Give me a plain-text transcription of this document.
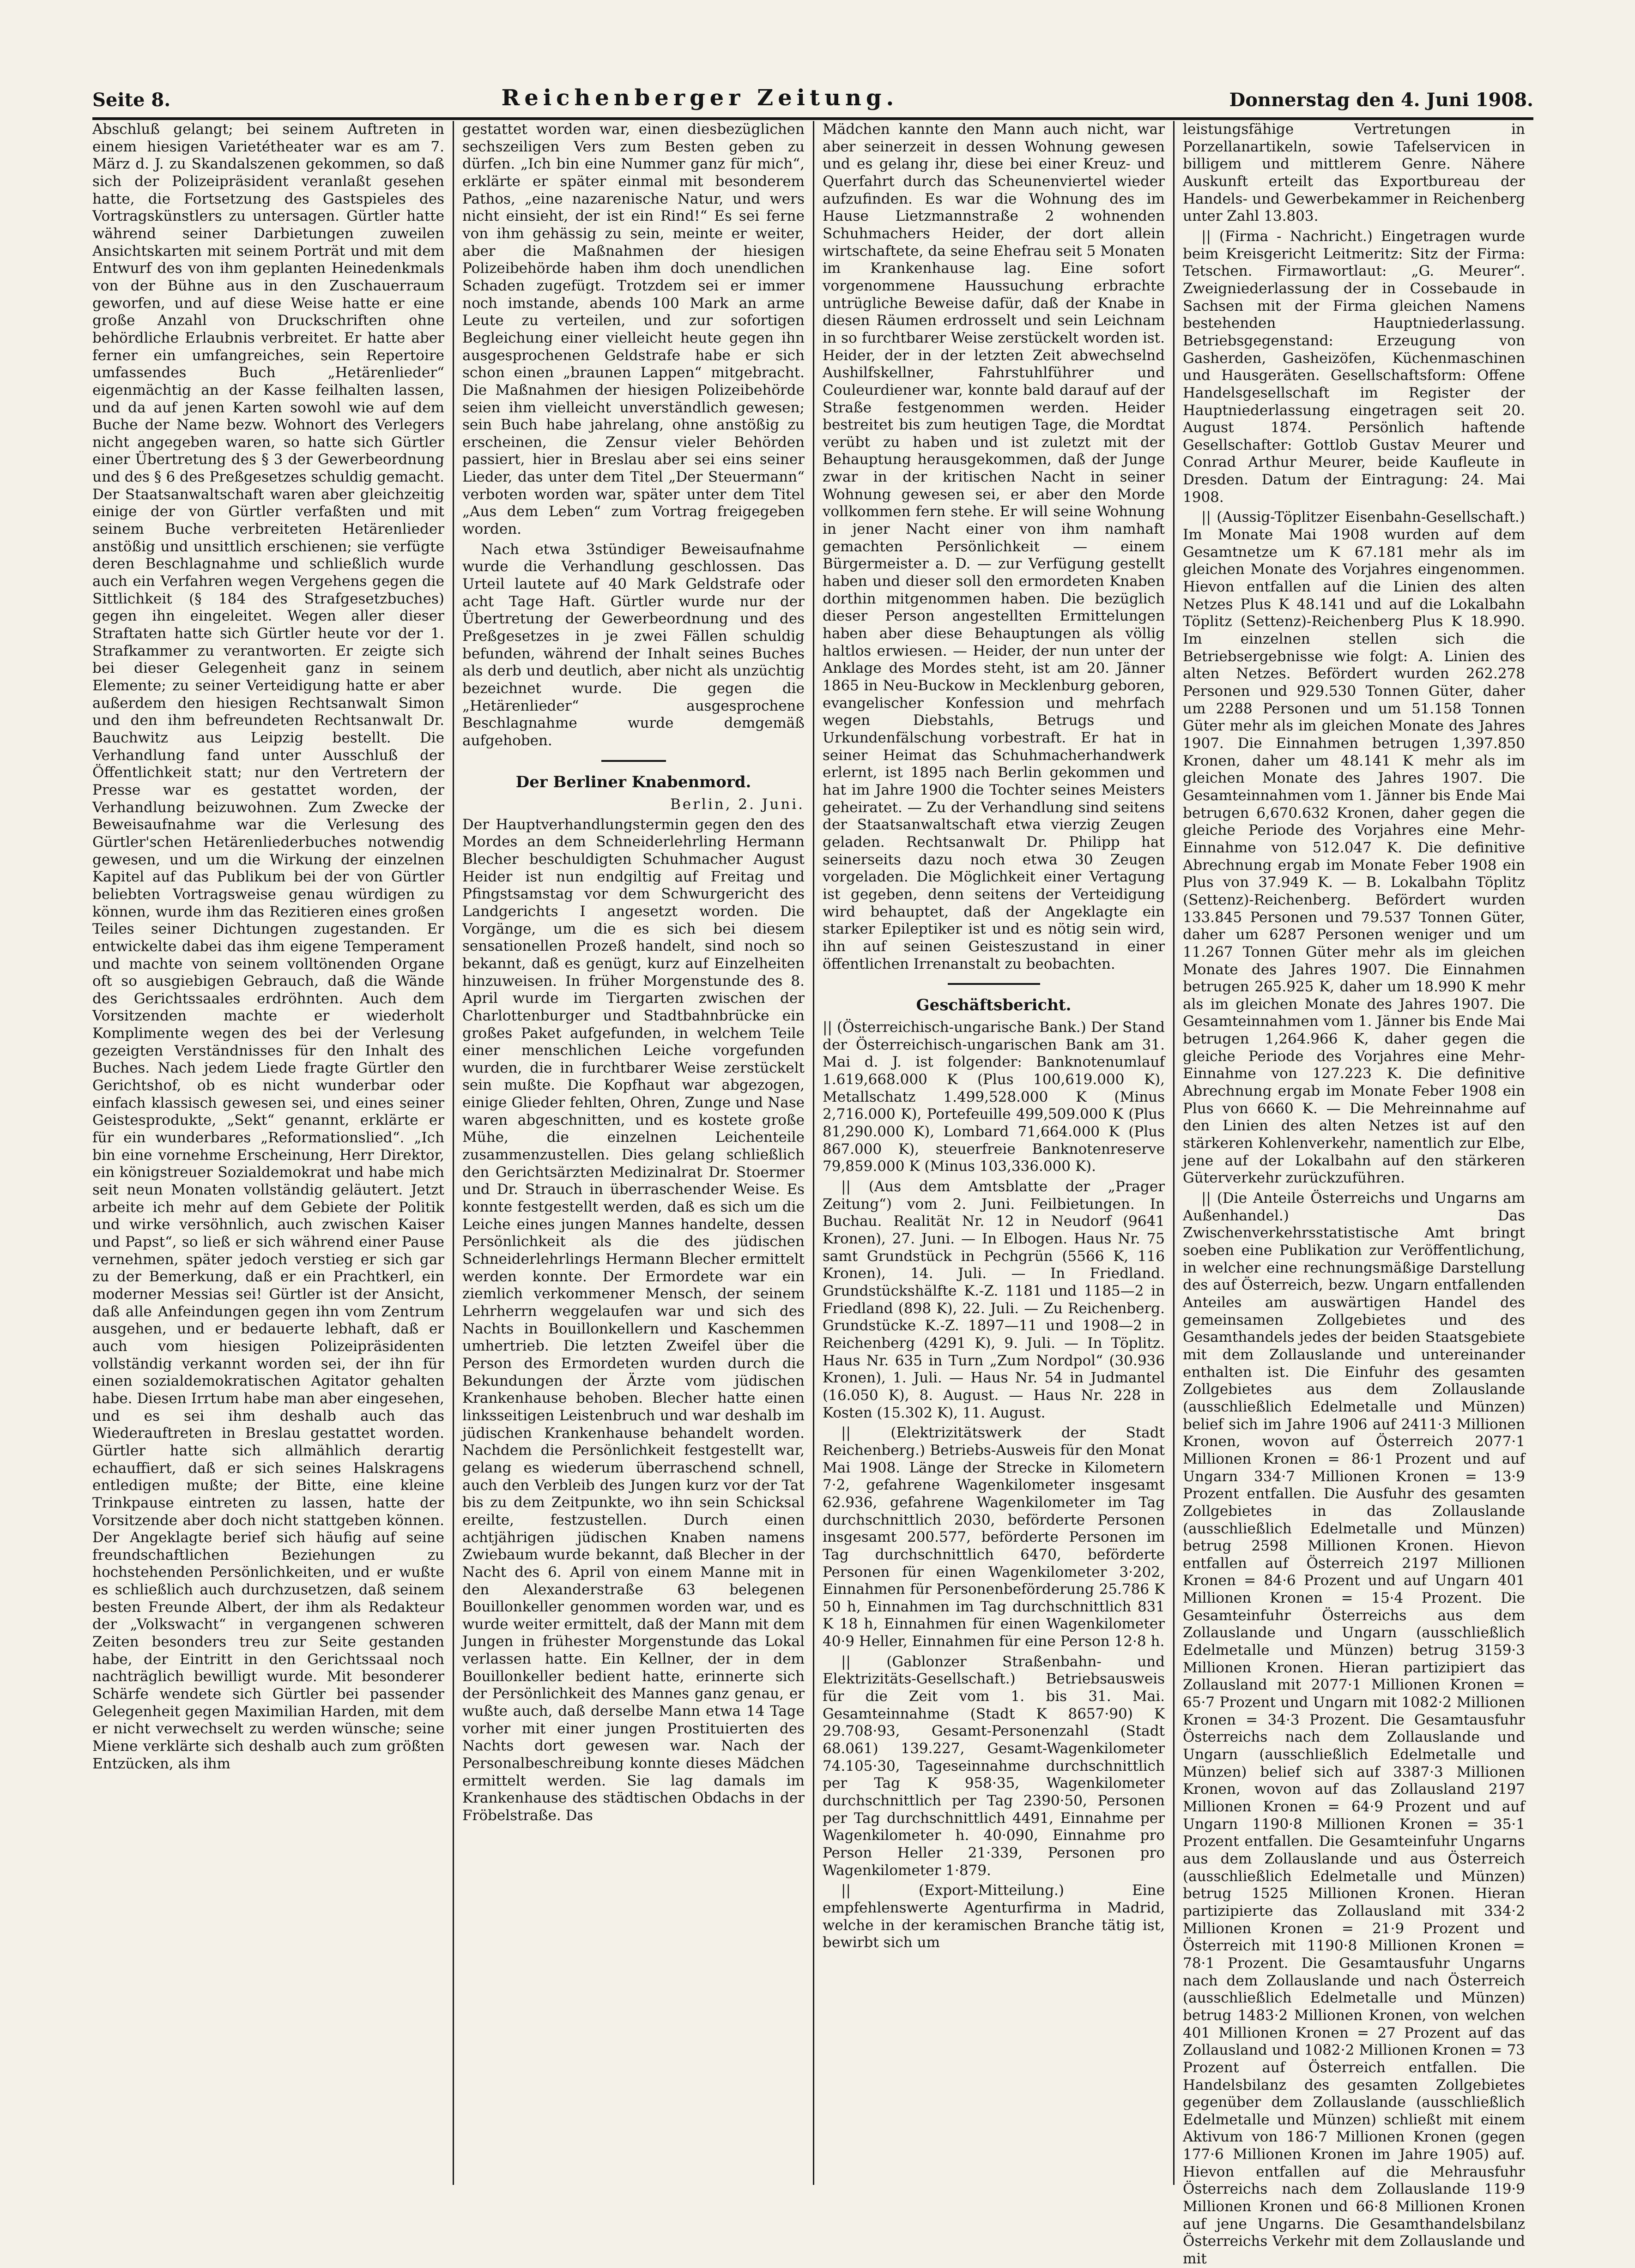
Seite 8.	Reichenberger Zeitung.	Donnerstag den 4. Juni 1908.

Abschluß gelangt; bei seinem Auftreten in einem hiesigen Varietétheater war es am 7. März d. J. zu Skandalszenen gekommen, so daß sich der Polizeipräsident veranlaßt gesehen hatte, die Fortsetzung des Gastspieles des Vortragskünstlers zu untersagen. Gürtler hatte während seiner Darbietungen zuweilen Ansichtskarten mit seinem Porträt und mit dem Entwurf des von ihm geplanten Heinedenkmals von der Bühne aus in den Zuschauerraum geworfen, und auf diese Weise hatte er eine große Anzahl von Druckschriften ohne behördliche Erlaubnis verbreitet. Er hatte aber ferner ein umfangreiches, sein Repertoire umfassendes Buch „Hetärenlieder“ eigenmächtig an der Kasse feilhalten lassen, und da auf jenen Karten sowohl wie auf dem Buche der Name bezw. Wohnort des Verlegers nicht angegeben waren, so hatte sich Gürtler einer Übertretung des § 3 der Gewerbeordnung und des § 6 des Preßgesetzes schuldig gemacht. Der Staatsanwaltschaft waren aber gleichzeitig einige der von Gürtler verfaßten und mit seinem Buche verbreiteten Hetärenlieder anstößig und unsittlich erschienen; sie verfügte deren Beschlagnahme und schließlich wurde auch ein Verfahren wegen Vergehens gegen die Sittlichkeit (§ 184 des Strafgesetzbuches) gegen ihn eingeleitet. Wegen aller dieser Straftaten hatte sich Gürtler heute vor der 1. Strafkammer zu verantworten. Er zeigte sich bei dieser Gelegenheit ganz in seinem Elemente; zu seiner Verteidigung hatte er aber außerdem den hiesigen Rechtsanwalt Simon und den ihm befreundeten Rechtsanwalt Dr. Bauchwitz aus Leipzig bestellt. Die Verhandlung fand unter Ausschluß der Öffentlichkeit statt; nur den Vertretern der Presse war es gestattet worden, der Verhandlung beizuwohnen. Zum Zwecke der Beweisaufnahme war die Verlesung des Gürtler'schen Hetärenliederbuches notwendig gewesen, und um die Wirkung der einzelnen Kapitel auf das Publikum bei der von Gürtler beliebten Vortragsweise genau würdigen zu können, wurde ihm das Rezitieren eines großen Teiles seiner Dichtungen zugestanden. Er entwickelte dabei das ihm eigene Temperament und machte von seinem volltönenden Organe oft so ausgiebigen Gebrauch, daß die Wände des Gerichtssaales erdröhnten. Auch dem Vorsitzenden machte er wiederholt Komplimente wegen des bei der Verlesung gezeigten Verständnisses für den Inhalt des Buches. Nach jedem Liede fragte Gürtler den Gerichtshof, ob es nicht wunderbar oder einfach klassisch gewesen sei, und eines seiner Geistesprodukte, „Sekt“ genannt, erklärte er für ein wunderbares „Reformationslied“. „Ich bin eine vornehme Erscheinung, Herr Direktor, ein königstreuer Sozialdemokrat und habe mich seit neun Monaten vollständig geläutert. Jetzt arbeite ich mehr auf dem Gebiete der Politik und wirke versöhnlich, auch zwischen Kaiser und Papst“, so ließ er sich während einer Pause vernehmen, später jedoch verstieg er sich gar zu der Bemerkung, daß er ein Prachtkerl, ein moderner Messias sei! Gürtler ist der Ansicht, daß alle Anfeindungen gegen ihn vom Zentrum ausgehen, und er bedauerte lebhaft, daß er auch vom hiesigen Polizeipräsidenten vollständig verkannt worden sei, der ihn für einen sozialdemokratischen Agitator gehalten habe. Diesen Irrtum habe man aber eingesehen, und es sei ihm deshalb auch das Wiederauftreten in Breslau gestattet worden. Gürtler hatte sich allmählich derartig echauffiert, daß er sich seines Halskragens entledigen mußte; der Bitte, eine kleine Trinkpause eintreten zu lassen, hatte der Vorsitzende aber doch nicht stattgeben können. Der Angeklagte berief sich häufig auf seine freundschaftlichen Beziehungen zu hochstehenden Persönlichkeiten, und er wußte es schließlich auch durchzusetzen, daß seinem besten Freunde Albert, der ihm als Redakteur der „Volkswacht“ in vergangenen schweren Zeiten besonders treu zur Seite gestanden habe, der Eintritt in den Gerichtssaal noch nachträglich bewilligt wurde. Mit besonderer Schärfe wendete sich Gürtler bei passender Gelegenheit gegen Maximilian Harden, mit dem er nicht verwechselt zu werden wünsche; seine Miene verklärte sich deshalb auch zum größten Entzücken, als ihm

gestattet worden war, einen diesbezüglichen sechszeiligen Vers zum Besten geben zu dürfen. „Ich bin eine Nummer ganz für mich“, erklärte er später einmal mit besonderem Pathos, „eine nazarenische Natur, und wers nicht einsieht, der ist ein Rind!“ Es sei ferne von ihm gehässig zu sein, meinte er weiter, aber die Maßnahmen der hiesigen Polizeibehörde haben ihm doch unendlichen Schaden zugefügt. Trotzdem sei er immer noch imstande, abends 100 Mark an arme Leute zu verteilen, und zur sofortigen Begleichung einer vielleicht heute gegen ihn ausgesprochenen Geldstrafe habe er sich schon einen „braunen Lappen“ mitgebracht. Die Maßnahmen der hiesigen Polizeibehörde seien ihm vielleicht unverständlich gewesen; sein Buch habe jahrelang, ohne anstößig zu erscheinen, die Zensur vieler Behörden passiert, hier in Breslau aber sei eins seiner Lieder, das unter dem Titel „Der Steuermann“ verboten worden war, später unter dem Titel „Aus dem Leben“ zum Vortrag freigegeben worden.

Nach etwa 3stündiger Beweisaufnahme wurde die Verhandlung geschlossen. Das Urteil lautete auf 40 Mark Geldstrafe oder acht Tage Haft. Gürtler wurde nur der Übertretung der Gewerbeordnung und des Preßgesetzes in je zwei Fällen schuldig befunden, während der Inhalt seines Buches als derb und deutlich, aber nicht als unzüchtig bezeichnet wurde. Die gegen die „Hetärenlieder“ ausgesprochene Beschlagnahme wurde demgemäß aufgehoben.

Der Berliner Knabenmord.
Berlin, 2. Juni.

Der Hauptverhandlungstermin gegen den des Mordes an dem Schneiderlehrling Hermann Blecher beschuldigten Schuhmacher August Heider ist nun endgiltig auf Freitag und Pfingstsamstag vor dem Schwurgericht des Landgerichts I angesetzt worden. Die Vorgänge, um die es sich bei diesem sensationellen Prozeß handelt, sind noch so bekannt, daß es genügt, kurz auf Einzelheiten hinzuweisen. In früher Morgenstunde des 8. April wurde im Tiergarten zwischen der Charlottenburger und Stadtbahnbrücke ein großes Paket aufgefunden, in welchem Teile einer menschlichen Leiche vorgefunden wurden, die in furchtbarer Weise zerstückelt sein mußte. Die Kopfhaut war abgezogen, einige Glieder fehlten, Ohren, Zunge und Nase waren abgeschnitten, und es kostete große Mühe, die einzelnen Leichenteile zusammenzustellen. Dies gelang schließlich den Gerichtsärzten Medizinalrat Dr. Stoermer und Dr. Strauch in überraschender Weise. Es konnte festgestellt werden, daß es sich um die Leiche eines jungen Mannes handelte, dessen Persönlichkeit als die des jüdischen Schneiderlehrlings Hermann Blecher ermittelt werden konnte. Der Ermordete war ein ziemlich verkommener Mensch, der seinem Lehrherrn weggelaufen war und sich des Nachts in Bouillonkellern und Kaschemmen umhertrieb. Die letzten Zweifel über die Person des Ermordeten wurden durch die Bekundungen der Ärzte vom jüdischen Krankenhause behoben. Blecher hatte einen linksseitigen Leistenbruch und war deshalb im jüdischen Krankenhause behandelt worden. Nachdem die Persönlichkeit festgestellt war, gelang es wiederum überraschend schnell, auch den Verbleib des Jungen kurz vor der Tat bis zu dem Zeitpunkte, wo ihn sein Schicksal ereilte, festzustellen. Durch einen achtjährigen jüdischen Knaben namens Zwiebaum wurde bekannt, daß Blecher in der Nacht des 6. April von einem Manne mit in den Alexanderstraße 63 belegenen Bouillonkeller genommen worden war, und es wurde weiter ermittelt, daß der Mann mit dem Jungen in frühester Morgenstunde das Lokal verlassen hatte. Ein Kellner, der in dem Bouillonkeller bedient hatte, erinnerte sich der Persönlichkeit des Mannes ganz genau, er wußte auch, daß derselbe Mann etwa 14 Tage vorher mit einer jungen Prostituierten des Nachts dort gewesen war. Nach der Personalbeschreibung konnte dieses Mädchen ermittelt werden. Sie lag damals im Krankenhause des städtischen Obdachs in der Fröbelstraße. Das

Mädchen kannte den Mann auch nicht, war aber seinerzeit in dessen Wohnung gewesen und es gelang ihr, diese bei einer Kreuz- und Querfahrt durch das Scheunenviertel wieder aufzufinden. Es war die Wohnung des im Hause Lietzmannstraße 2 wohnenden Schuhmachers Heider, der dort allein wirtschaftete, da seine Ehefrau seit 5 Monaten im Krankenhause lag. Eine sofort vorgenommene Haussuchung erbrachte untrügliche Beweise dafür, daß der Knabe in diesen Räumen erdrosselt und sein Leichnam in so furchtbarer Weise zerstückelt worden ist. Heider, der in der letzten Zeit abwechselnd Aushilfskellner, Fahrstuhlführer und Couleurdiener war, konnte bald darauf auf der Straße festgenommen werden. Heider bestreitet bis zum heutigen Tage, die Mordtat verübt zu haben und ist zuletzt mit der Behauptung herausgekommen, daß der Junge zwar in der kritischen Nacht in seiner Wohnung gewesen sei, er aber den Morde vollkommen fern stehe. Er will seine Wohnung in jener Nacht einer von ihm namhaft gemachten Persönlichkeit — einem Bürgermeister a. D. — zur Verfügung gestellt haben und dieser soll den ermordeten Knaben dorthin mitgenommen haben. Die bezüglich dieser Person angestellten Ermittelungen haben aber diese Behauptungen als völlig haltlos erwiesen. — Heider, der nun unter der Anklage des Mordes steht, ist am 20. Jänner 1865 in Neu-Buckow in Mecklenburg geboren, evangelischer Konfession und mehrfach wegen Diebstahls, Betrugs und Urkundenfälschung vorbestraft. Er hat in seiner Heimat das Schuhmacherhandwerk erlernt, ist 1895 nach Berlin gekommen und hat im Jahre 1900 die Tochter seines Meisters geheiratet. — Zu der Verhandlung sind seitens der Staatsanwaltschaft etwa vierzig Zeugen geladen. Rechtsanwalt Dr. Philipp hat seinerseits dazu noch etwa 30 Zeugen vorgeladen. Die Möglichkeit einer Vertagung ist gegeben, denn seitens der Verteidigung wird behauptet, daß der Angeklagte ein starker Epileptiker ist und es nötig sein wird, ihn auf seinen Geisteszustand in einer öffentlichen Irrenanstalt zu beobachten.

Geschäftsbericht.

|| (Österreichisch-ungarische Bank.) Der Stand der Österreichisch-ungarischen Bank am 31. Mai d. J. ist folgender: Banknotenumlauf 1.619,668.000 K (Plus 100,619.000 K), Metallschatz 1.499,528.000 K (Minus 2,716.000 K), Portefeuille 499,509.000 K (Plus 81,290.000 K), Lombard 71,664.000 K (Plus 867.000 K), steuerfreie Banknotenreserve 79,859.000 K (Minus 103,336.000 K).

|| (Aus dem Amtsblatte der „Prager Zeitung“) vom 2. Juni. Feilbietungen. In Buchau. Realität Nr. 12 in Neudorf (9641 Kronen), 27. Juni. — In Elbogen. Haus Nr. 75 samt Grundstück in Pechgrün (5566 K, 116 Kronen), 14. Juli. — In Friedland. Grundstückshälfte K.-Z. 1181 und 1185—2 in Friedland (898 K), 22. Juli. — Zu Reichenberg. Grundstücke K.-Z. 1897—11 und 1908—2 in Reichenberg (4291 K), 9. Juli. — In Töplitz. Haus Nr. 635 in Turn „Zum Nordpol“ (30.936 Kronen), 1. Juli. — Haus Nr. 54 in Judmantel (16.050 K), 8. August. — Haus Nr. 228 in Kosten (15.302 K), 11. August.

|| (Elektrizitätswerk der Stadt Reichenberg.) Betriebs-Ausweis für den Monat Mai 1908. Länge der Strecke in Kilometern 7·2, gefahrene Wagenkilometer insgesamt 62.936, gefahrene Wagenkilometer im Tag durchschnittlich 2030, beförderte Personen insgesamt 200.577, beförderte Personen im Tag durchschnittlich 6470, beförderte Personen für einen Wagenkilometer 3·202, Einnahmen für Personenbeförderung 25.786 K 50 h, Einnahmen im Tag durchschnittlich 831 K 18 h, Einnahmen für einen Wagenkilometer 40·9 Heller, Einnahmen für eine Person 12·8 h.

|| (Gablonzer Straßenbahn- und Elektrizitäts-Gesellschaft.) Betriebsausweis für die Zeit vom 1. bis 31. Mai. Gesamteinnahme (Stadt K 8657·90) K 29.708·93, Gesamt-Personenzahl (Stadt 68.061) 139.227, Gesamt-Wagenkilometer 74.105·30, Tageseinnahme durchschnittlich per Tag K 958·35, Wagenkilometer durchschnittlich per Tag 2390·50, Personen per Tag durchschnittlich 4491, Einnahme per Wagenkilometer h. 40·090, Einnahme pro Person Heller 21·339, Personen pro Wagenkilometer 1·879.

|| (Export-Mitteilung.) Eine empfehlenswerte Agenturfirma in Madrid, welche in der keramischen Branche tätig ist, bewirbt sich um

leistungsfähige Vertretungen in Porzellanartikeln, sowie Tafelservicen in billigem und mittlerem Genre. Nähere Auskunft erteilt das Exportbureau der Handels- und Gewerbekammer in Reichenberg unter Zahl 13.803.

|| (Firma - Nachricht.) Eingetragen wurde beim Kreisgericht Leitmeritz: Sitz der Firma: Tetschen. Firmawortlaut: „G. Meurer“. Zweigniederlassung der in Cossebaude in Sachsen mit der Firma gleichen Namens bestehenden Hauptniederlassung. Betriebsgegenstand: Erzeugung von Gasherden, Gasheizöfen, Küchenmaschinen und Hausgeräten. Gesellschaftsform: Offene Handelsgesellschaft im Register der Hauptniederlassung eingetragen seit 20. August 1874. Persönlich haftende Gesellschafter: Gottlob Gustav Meurer und Conrad Arthur Meurer, beide Kaufleute in Dresden. Datum der Eintragung: 24. Mai 1908.

|| (Aussig-Töplitzer Eisenbahn-Gesellschaft.) Im Monate Mai 1908 wurden auf dem Gesamtnetze um K 67.181 mehr als im gleichen Monate des Vorjahres eingenommen. Hievon entfallen auf die Linien des alten Netzes Plus K 48.141 und auf die Lokalbahn Töplitz (Settenz)-Reichenberg Plus K 18.990. Im einzelnen stellen sich die Betriebsergebnisse wie folgt: A. Linien des alten Netzes. Befördert wurden 262.278 Personen und 929.530 Tonnen Güter, daher um 2288 Personen und um 51.158 Tonnen Güter mehr als im gleichen Monate des Jahres 1907. Die Einnahmen betrugen 1,397.850 Kronen, daher um 48.141 K mehr als im gleichen Monate des Jahres 1907. Die Gesamteinnahmen vom 1. Jänner bis Ende Mai betrugen 6,670.632 Kronen, daher gegen die gleiche Periode des Vorjahres eine Mehr-Einnahme von 512.047 K. Die definitive Abrechnung ergab im Monate Feber 1908 ein Plus von 37.949 K. — B. Lokalbahn Töplitz (Settenz)-Reichenberg. Befördert wurden 133.845 Personen und 79.537 Tonnen Güter, daher um 6287 Personen weniger und um 11.267 Tonnen Güter mehr als im gleichen Monate des Jahres 1907. Die Einnahmen betrugen 265.925 K, daher um 18.990 K mehr als im gleichen Monate des Jahres 1907. Die Gesamteinnahmen vom 1. Jänner bis Ende Mai betrugen 1,264.966 K, daher gegen die gleiche Periode des Vorjahres eine Mehr-Einnahme von 127.223 K. Die definitive Abrechnung ergab im Monate Feber 1908 ein Plus von 6660 K. — Die Mehreinnahme auf den Linien des alten Netzes ist auf den stärkeren Kohlenverkehr, namentlich zur Elbe, jene auf der Lokalbahn auf den stärkeren Güterverkehr zurückzuführen.

|| (Die Anteile Österreichs und Ungarns am Außenhandel.) Das Zwischenverkehrsstatistische Amt bringt soeben eine Publikation zur Veröffentlichung, in welcher eine rechnungsmäßige Darstellung des auf Österreich, bezw. Ungarn entfallenden Anteiles am auswärtigen Handel des gemeinsamen Zollgebietes und des Gesamthandels jedes der beiden Staatsgebiete mit dem Zollauslande und untereinander enthalten ist. Die Einfuhr des gesamten Zollgebietes aus dem Zollauslande (ausschließlich Edelmetalle und Münzen) belief sich im Jahre 1906 auf 2411·3 Millionen Kronen, wovon auf Österreich 2077·1 Millionen Kronen = 86·1 Prozent und auf Ungarn 334·7 Millionen Kronen = 13·9 Prozent entfallen. Die Ausfuhr des gesamten Zollgebietes in das Zollauslande (ausschließlich Edelmetalle und Münzen) betrug 2598 Millionen Kronen. Hievon entfallen auf Österreich 2197 Millionen Kronen = 84·6 Prozent und auf Ungarn 401 Millionen Kronen = 15·4 Prozent. Die Gesamteinfuhr Österreichs aus dem Zollauslande und Ungarn (ausschließlich Edelmetalle und Münzen) betrug 3159·3 Millionen Kronen. Hieran partizipiert das Zollausland mit 2077·1 Millionen Kronen = 65·7 Prozent und Ungarn mit 1082·2 Millionen Kronen = 34·3 Prozent. Die Gesamtausfuhr Österreichs nach dem Zollauslande und Ungarn (ausschließlich Edelmetalle und Münzen) belief sich auf 3387·3 Millionen Kronen, wovon auf das Zollausland 2197 Millionen Kronen = 64·9 Prozent und auf Ungarn 1190·8 Millionen Kronen = 35·1 Prozent entfallen. Die Gesamteinfuhr Ungarns aus dem Zollauslande und aus Österreich (ausschließlich Edelmetalle und Münzen) betrug 1525 Millionen Kronen. Hieran partizipierte das Zollausland mit 334·2 Millionen Kronen = 21·9 Prozent und Österreich mit 1190·8 Millionen Kronen = 78·1 Prozent. Die Gesamtausfuhr Ungarns nach dem Zollauslande und nach Österreich (ausschließlich Edelmetalle und Münzen) betrug 1483·2 Millionen Kronen, von welchen 401 Millionen Kronen = 27 Prozent auf das Zollausland und 1082·2 Millionen Kronen = 73 Prozent auf Österreich entfallen. Die Handelsbilanz des gesamten Zollgebietes gegenüber dem Zollauslande (ausschließlich Edelmetalle und Münzen) schließt mit einem Aktivum von 186·7 Millionen Kronen (gegen 177·6 Millionen Kronen im Jahre 1905) auf. Hievon entfallen auf die Mehrausfuhr Österreichs nach dem Zollauslande 119·9 Millionen Kronen und 66·8 Millionen Kronen auf jene Ungarns. Die Gesamthandelsbilanz Österreichs Verkehr mit dem Zollauslande und mit
